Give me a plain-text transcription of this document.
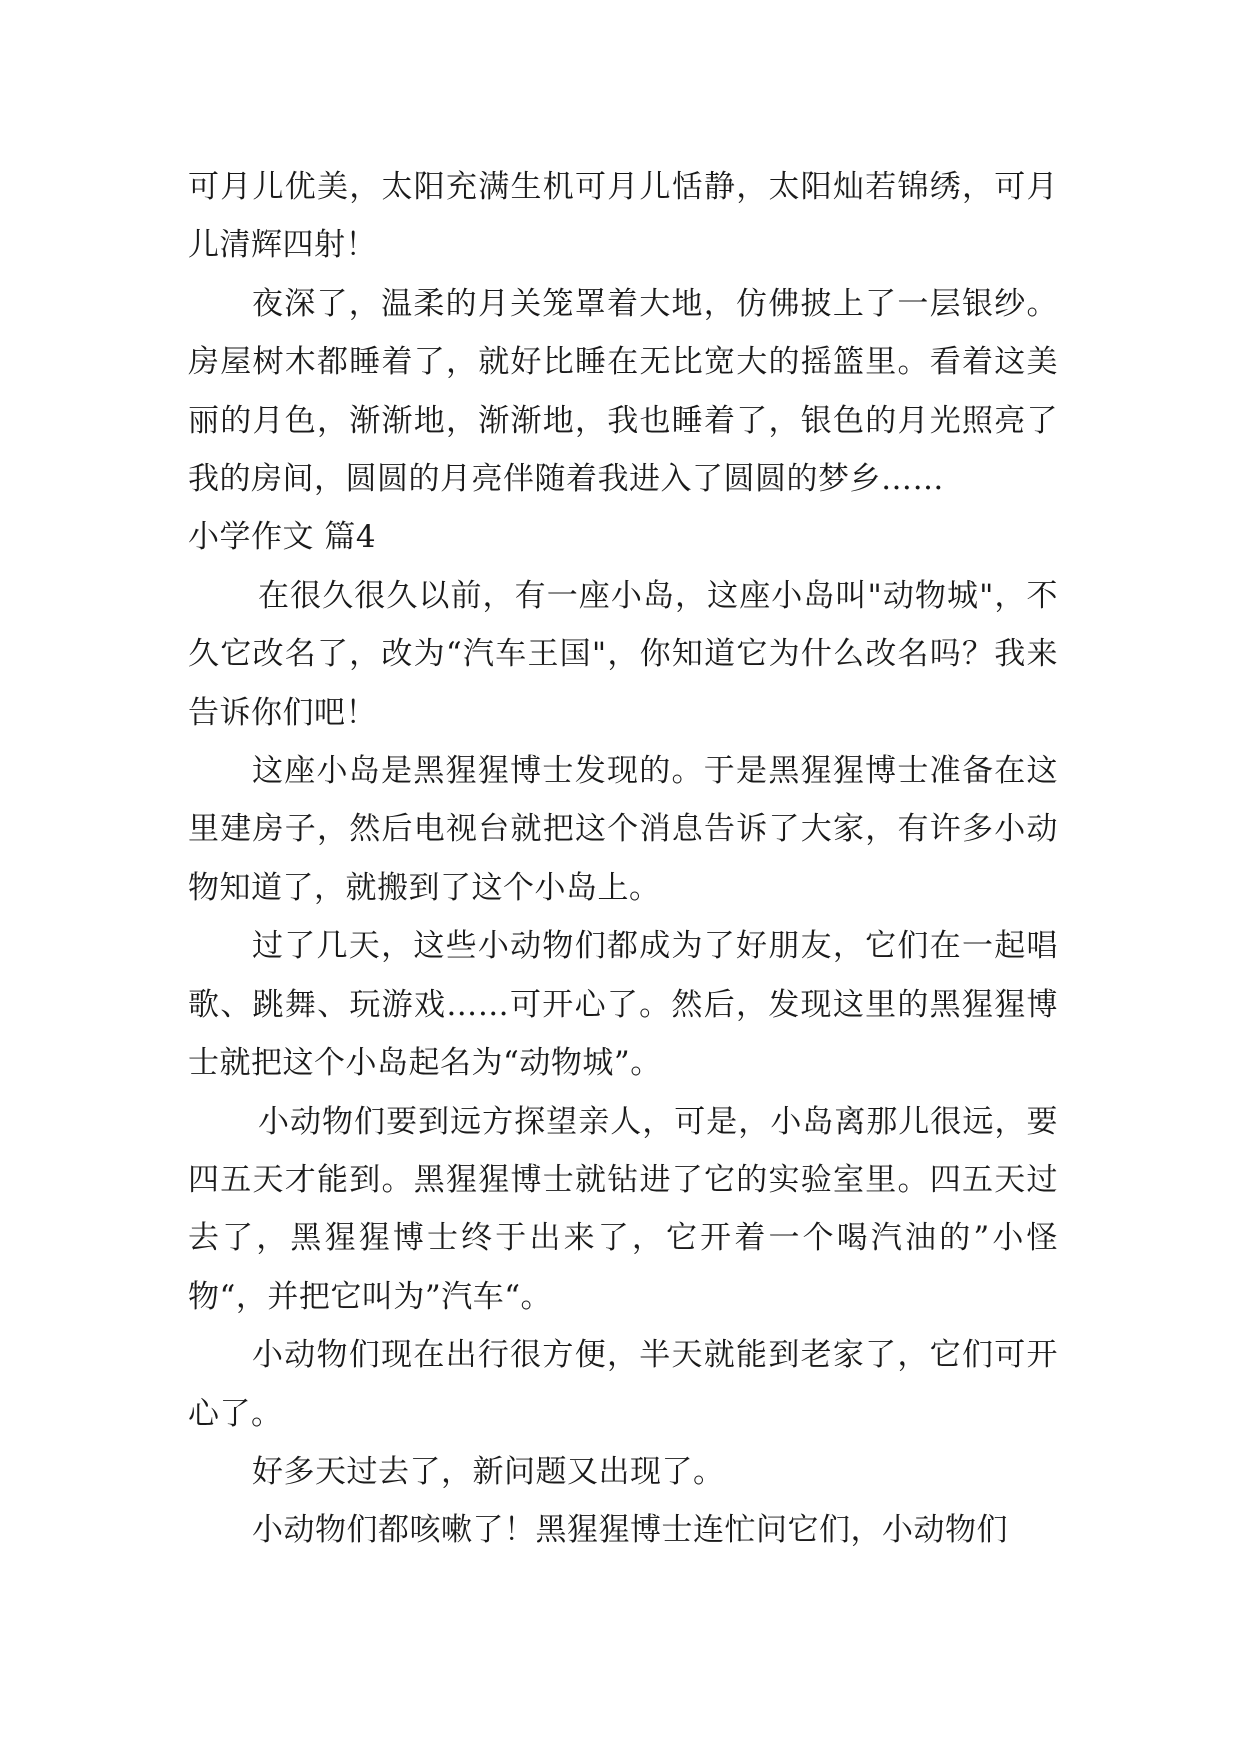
可月儿优美，太阳充满生机可月儿恬静，太阳灿若锦绣，可月儿清辉四射！

夜深了，温柔的月关笼罩着大地，仿佛披上了一层银纱。房屋树木都睡着了，就好比睡在无比宽大的摇篮里。看着这美丽的月色，渐渐地，渐渐地，我也睡着了，银色的月光照亮了我的房间，圆圆的月亮伴随着我进入了圆圆的梦乡……

小学作文 篇4

在很久很久以前，有一座小岛，这座小岛叫"动物城"，不久它改名了，改为“汽车王国"，你知道它为什么改名吗？我来告诉你们吧！

这座小岛是黑猩猩博士发现的。于是黑猩猩博士准备在这里建房子，然后电视台就把这个消息告诉了大家，有许多小动物知道了，就搬到了这个小岛上。

过了几天，这些小动物们都成为了好朋友，它们在一起唱歌、跳舞、玩游戏……可开心了。然后，发现这里的黑猩猩博士就把这个小岛起名为“动物城”。

小动物们要到远方探望亲人，可是，小岛离那儿很远，要四五天才能到。黑猩猩博士就钻进了它的实验室里。四五天过去了，黑猩猩博士终于出来了，它开着一个喝汽油的”小怪物“，并把它叫为”汽车“。

小动物们现在出行很方便，半天就能到老家了，它们可开心了。

好多天过去了，新问题又出现了。

小动物们都咳嗽了！黑猩猩博士连忙问它们，小动物们
